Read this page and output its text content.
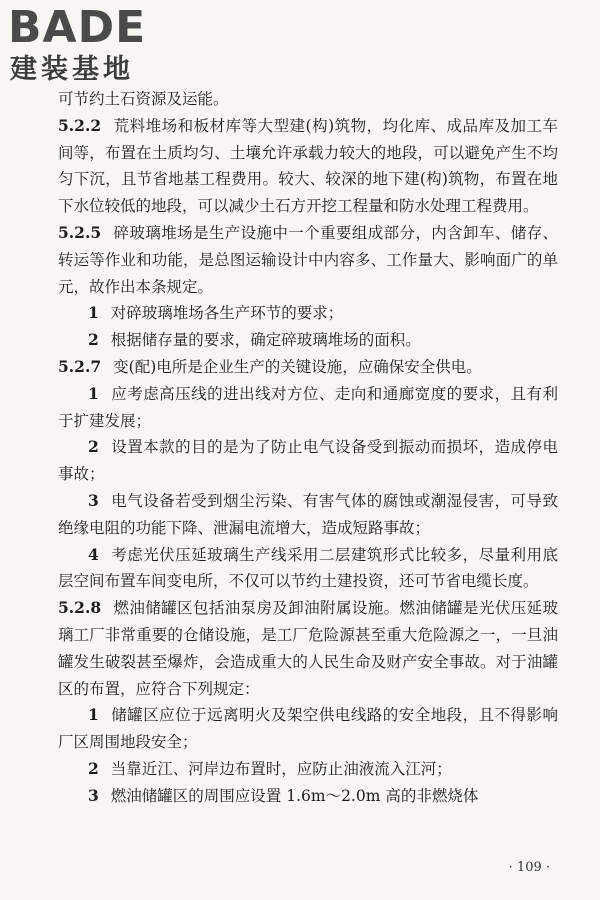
BADE
建装基地

可节约土石资源及运能。

5.2.2 荒料堆场和板材库等大型建(构)筑物，均化库、成品库及加工车间等，布置在土质均匀、土壤允许承载力较大的地段，可以避免产生不均匀下沉，且节省地基工程费用。较大、较深的地下建(构)筑物，布置在地下水位较低的地段，可以减少土石方开挖工程量和防水处理工程费用。

5.2.5 碎玻璃堆场是生产设施中一个重要组成部分，内含卸车、储存、转运等作业和功能，是总图运输设计中内容多、工作量大、影响面广的单元，故作出本条规定。

1 对碎玻璃堆场各生产环节的要求；

2 根据储存量的要求，确定碎玻璃堆场的面积。

5.2.7 变(配)电所是企业生产的关键设施，应确保安全供电。

1 应考虑高压线的进出线对方位、走向和通廊宽度的要求，且有利于扩建发展；

2 设置本款的目的是为了防止电气设备受到振动而损坏，造成停电事故；

3 电气设备若受到烟尘污染、有害气体的腐蚀或潮湿侵害，可导致绝缘电阻的功能下降、泄漏电流增大，造成短路事故；

4 考虑光伏压延玻璃生产线采用二层建筑形式比较多，尽量利用底层空间布置车间变电所，不仅可以节约土建投资，还可节省电缆长度。

5.2.8 燃油储罐区包括油泵房及卸油附属设施。燃油储罐是光伏压延玻璃工厂非常重要的仓储设施，是工厂危险源甚至重大危险源之一，一旦油罐发生破裂甚至爆炸，会造成重大的人民生命及财产安全事故。对于油罐区的布置，应符合下列规定：

1 储罐区应位于远离明火及架空供电线路的安全地段，且不得影响厂区周围地段安全；

2 当靠近江、河岸边布置时，应防止油液流入江河；

3 燃油储罐区的周围应设置 1.6m～2.0m 高的非燃烧体

· 109 ·
